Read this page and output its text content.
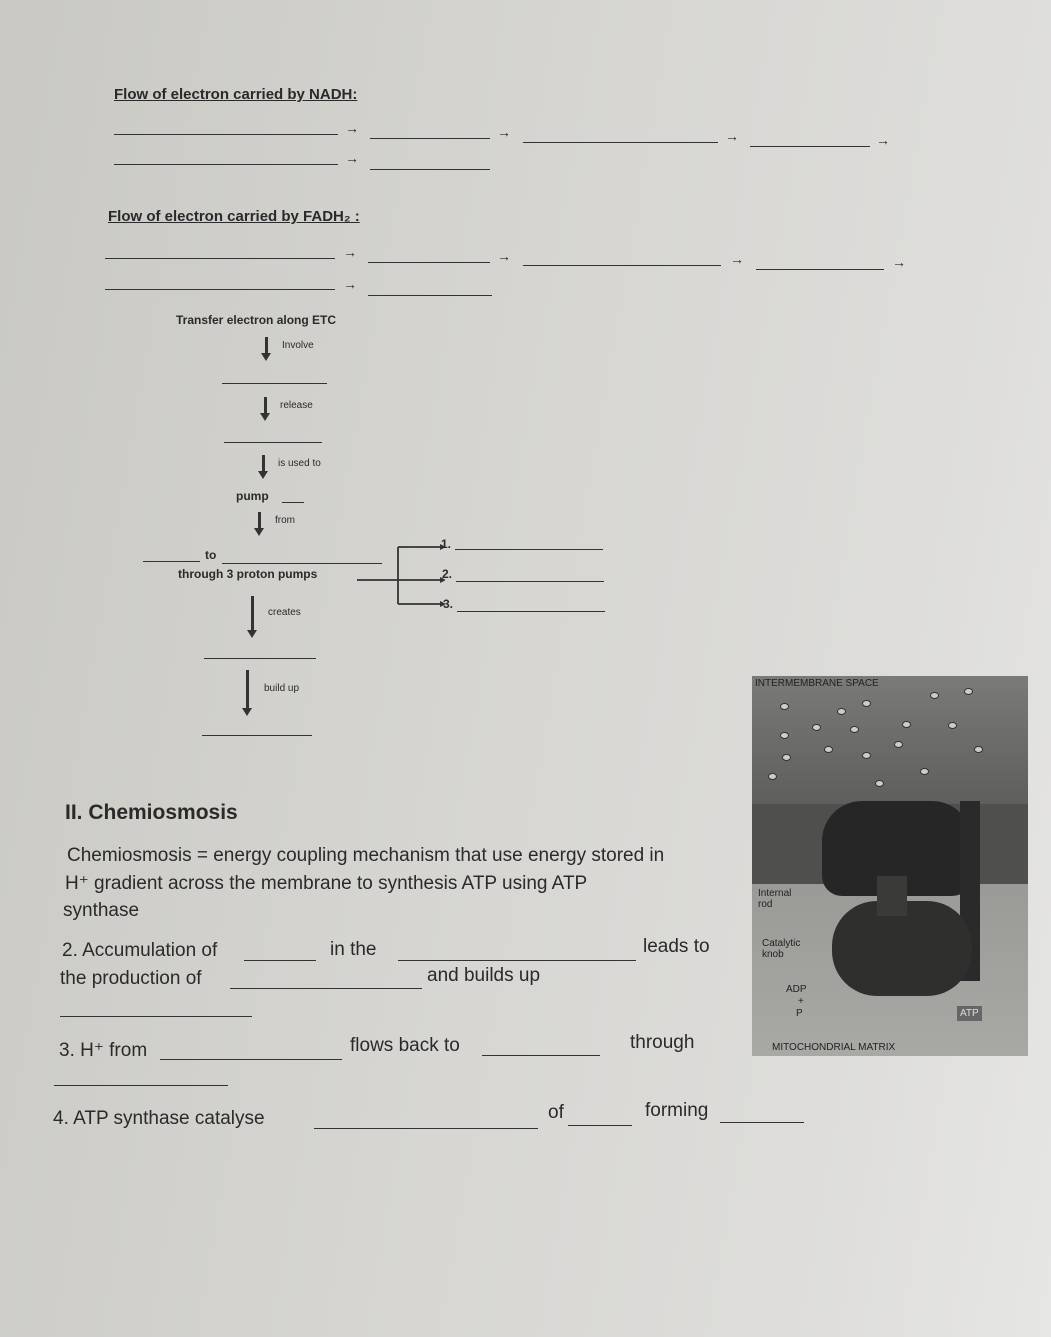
Flow of electron carried by NADH:
→	→	→	→
→
Flow of electron carried by FADH₂ :
→	→	→	→
→
Transfer electron along ETC
Involve
release
is used to
pump
from
to
through 3 proton pumps
1.
2.
3.
creates
build up
II. Chemiosmosis
Chemiosmosis = energy coupling mechanism that use energy stored in
H⁺ gradient across the membrane to synthesis ATP using ATP
synthase
2. Accumulation of	in the	leads to
the production of	and builds up
3. H⁺ from	flows back to	through
4. ATP synthase catalyse	of	forming
INTERMEMBRANE SPACE
Internal rod
Catalytic knob
ADP
+
P	ATP
MITOCHONDRIAL MATRIX
